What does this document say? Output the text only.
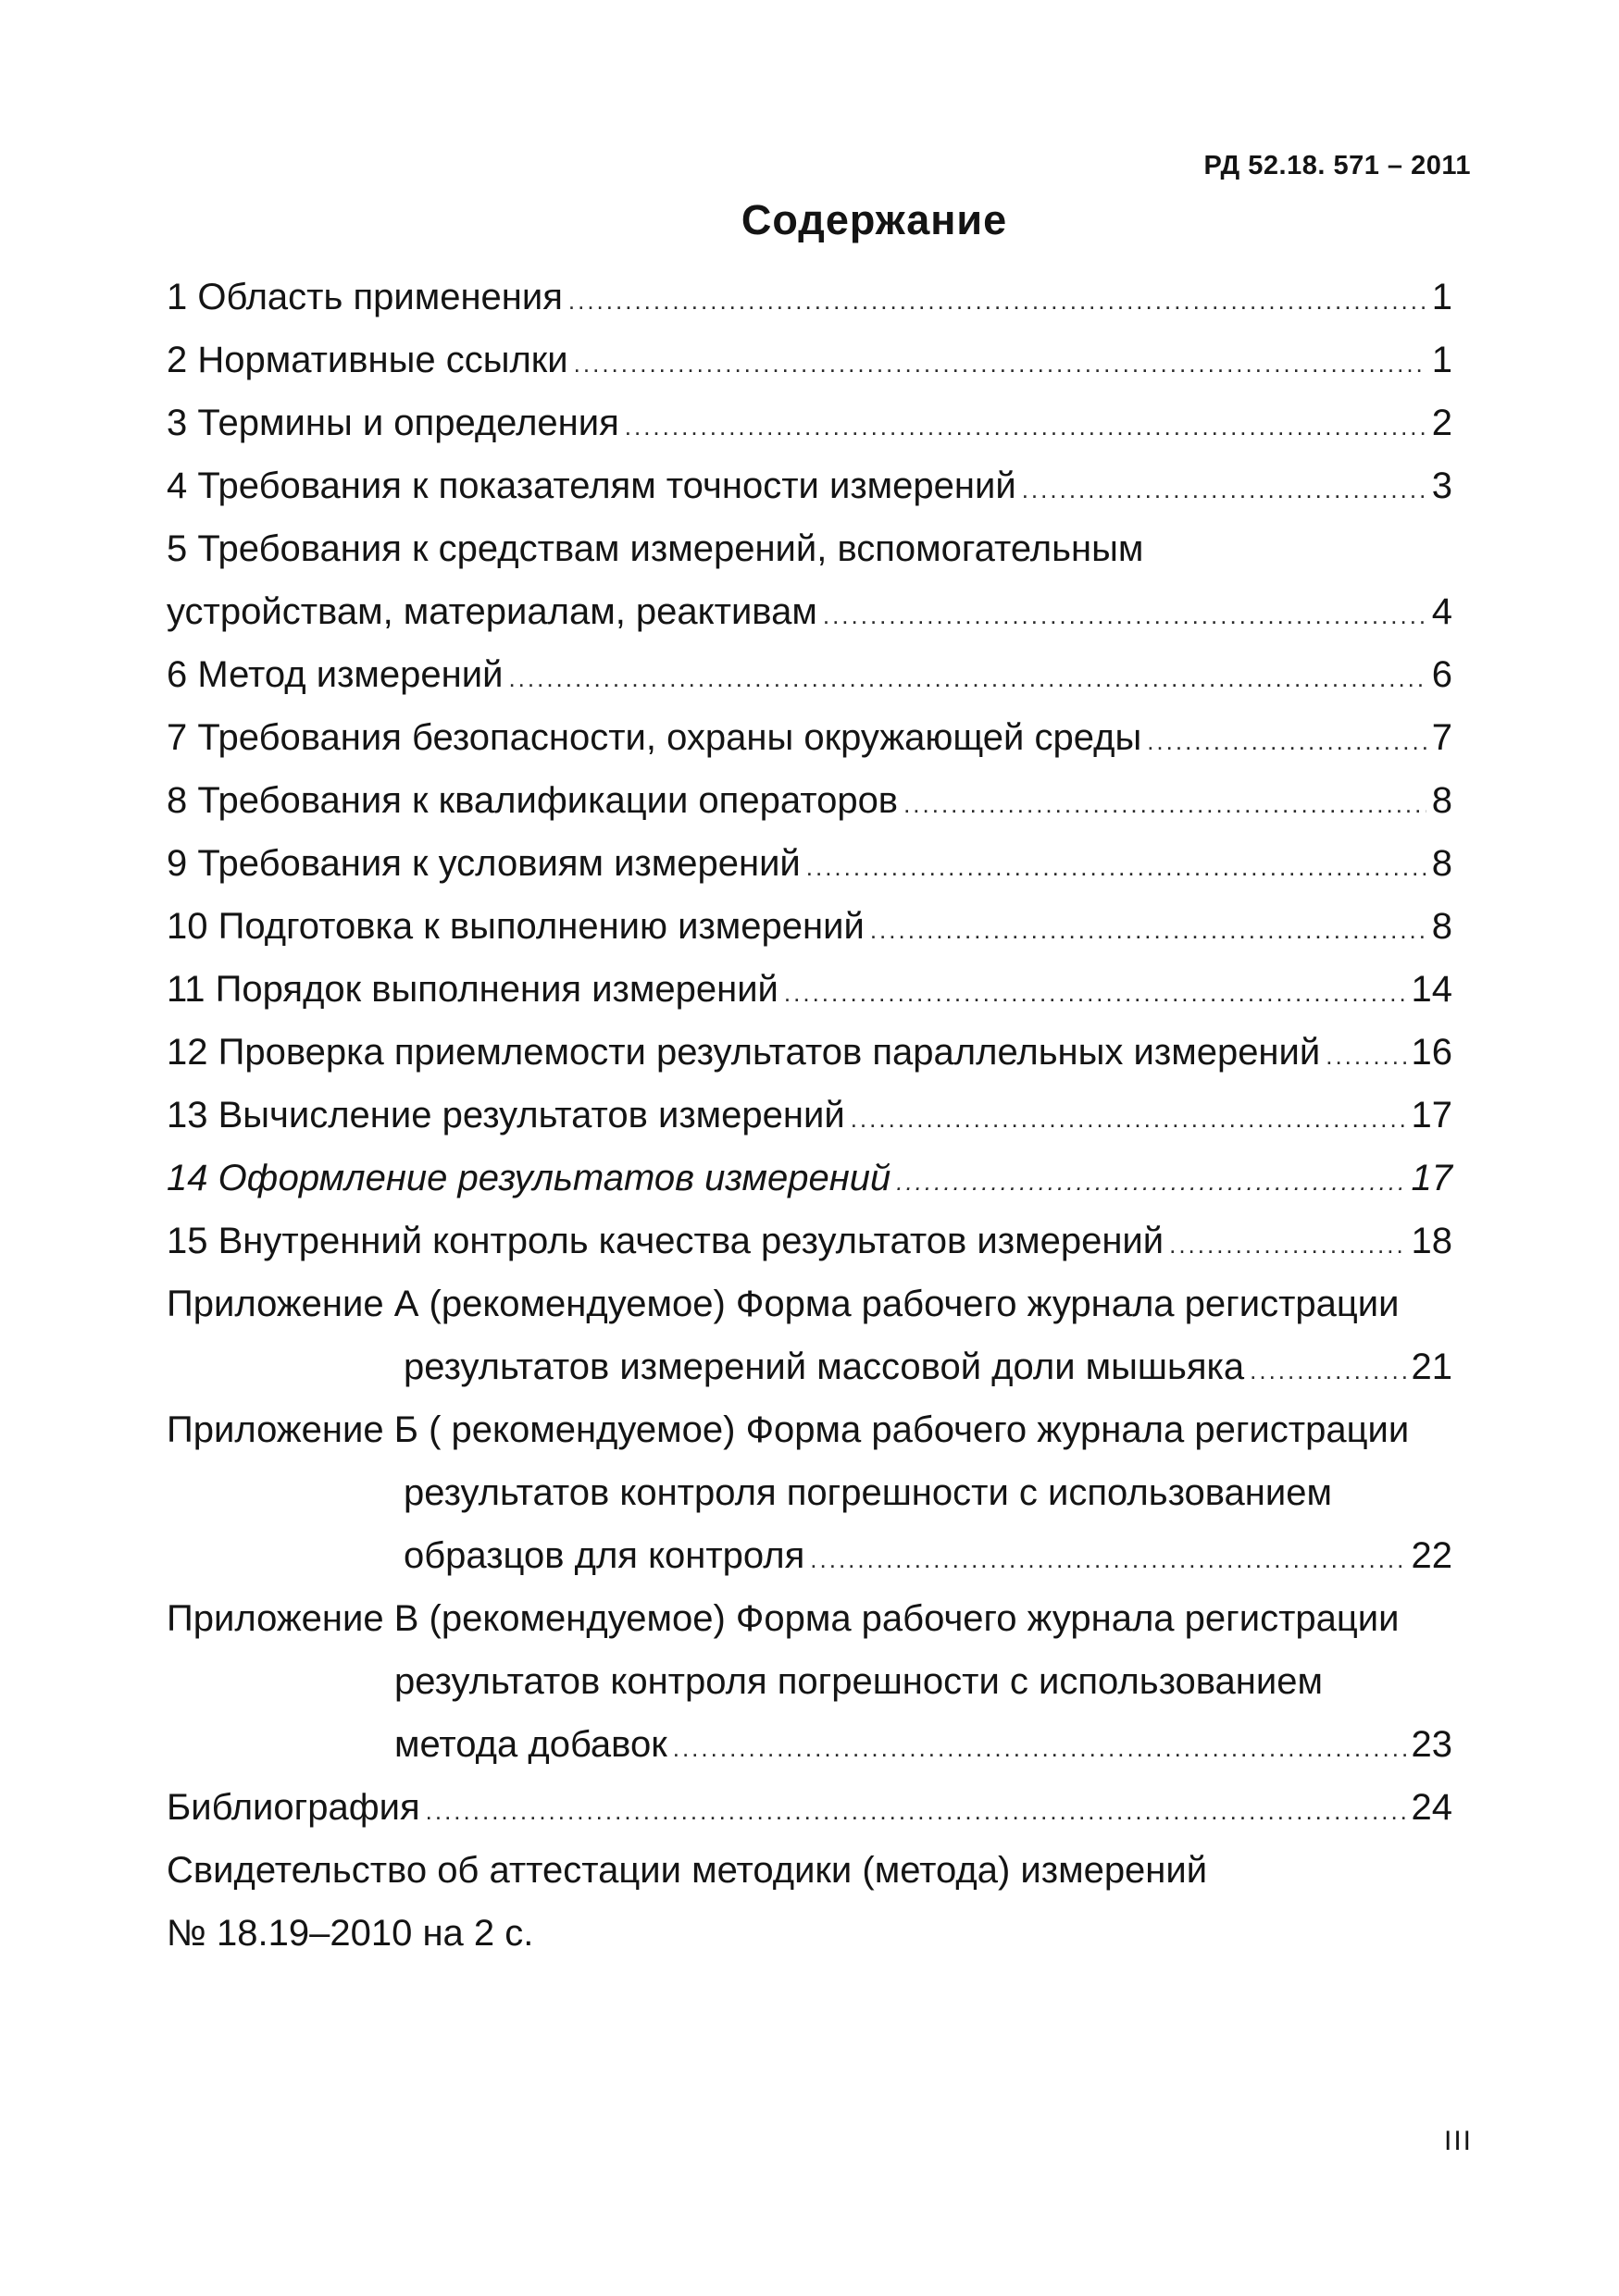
РД 52.18. 571 – 2011
Содержание
1 Область применения .....	1
2 Нормативные ссылки .....	1
3 Термины и определения .....	2
4 Требования к показателям точности измерений .....	3
5 Требования к средствам измерений, вспомогательным
устройствам, материалам, реактивам .....	4
6 Метод измерений .....	6
7 Требования безопасности, охраны окружающей среды .....	7
8 Требования к квалификации операторов .....	8
9 Требования к условиям измерений .....	8
10 Подготовка к выполнению измерений .....	8
11 Порядок выполнения измерений .....	14
12 Проверка приемлемости результатов параллельных измерений ..... 16
13 Вычисление результатов измерений .....	17
14 Оформление результатов измерений .....	17
15 Внутренний контроль качества результатов измерений .....	18
Приложение А (рекомендуемое) Форма рабочего журнала регистрации
результатов измерений массовой доли мышьяка .....	21
Приложение Б ( рекомендуемое) Форма рабочего журнала регистрации
результатов контроля погрешности с использованием
образцов для контроля .....	22
Приложение В (рекомендуемое) Форма рабочего журнала регистрации
результатов контроля погрешности с использованием
метода добавок .....	23
Библиография .....	24
Свидетельство об аттестации методики (метода) измерений
№ 18.19–2010 на 2 с.
III
